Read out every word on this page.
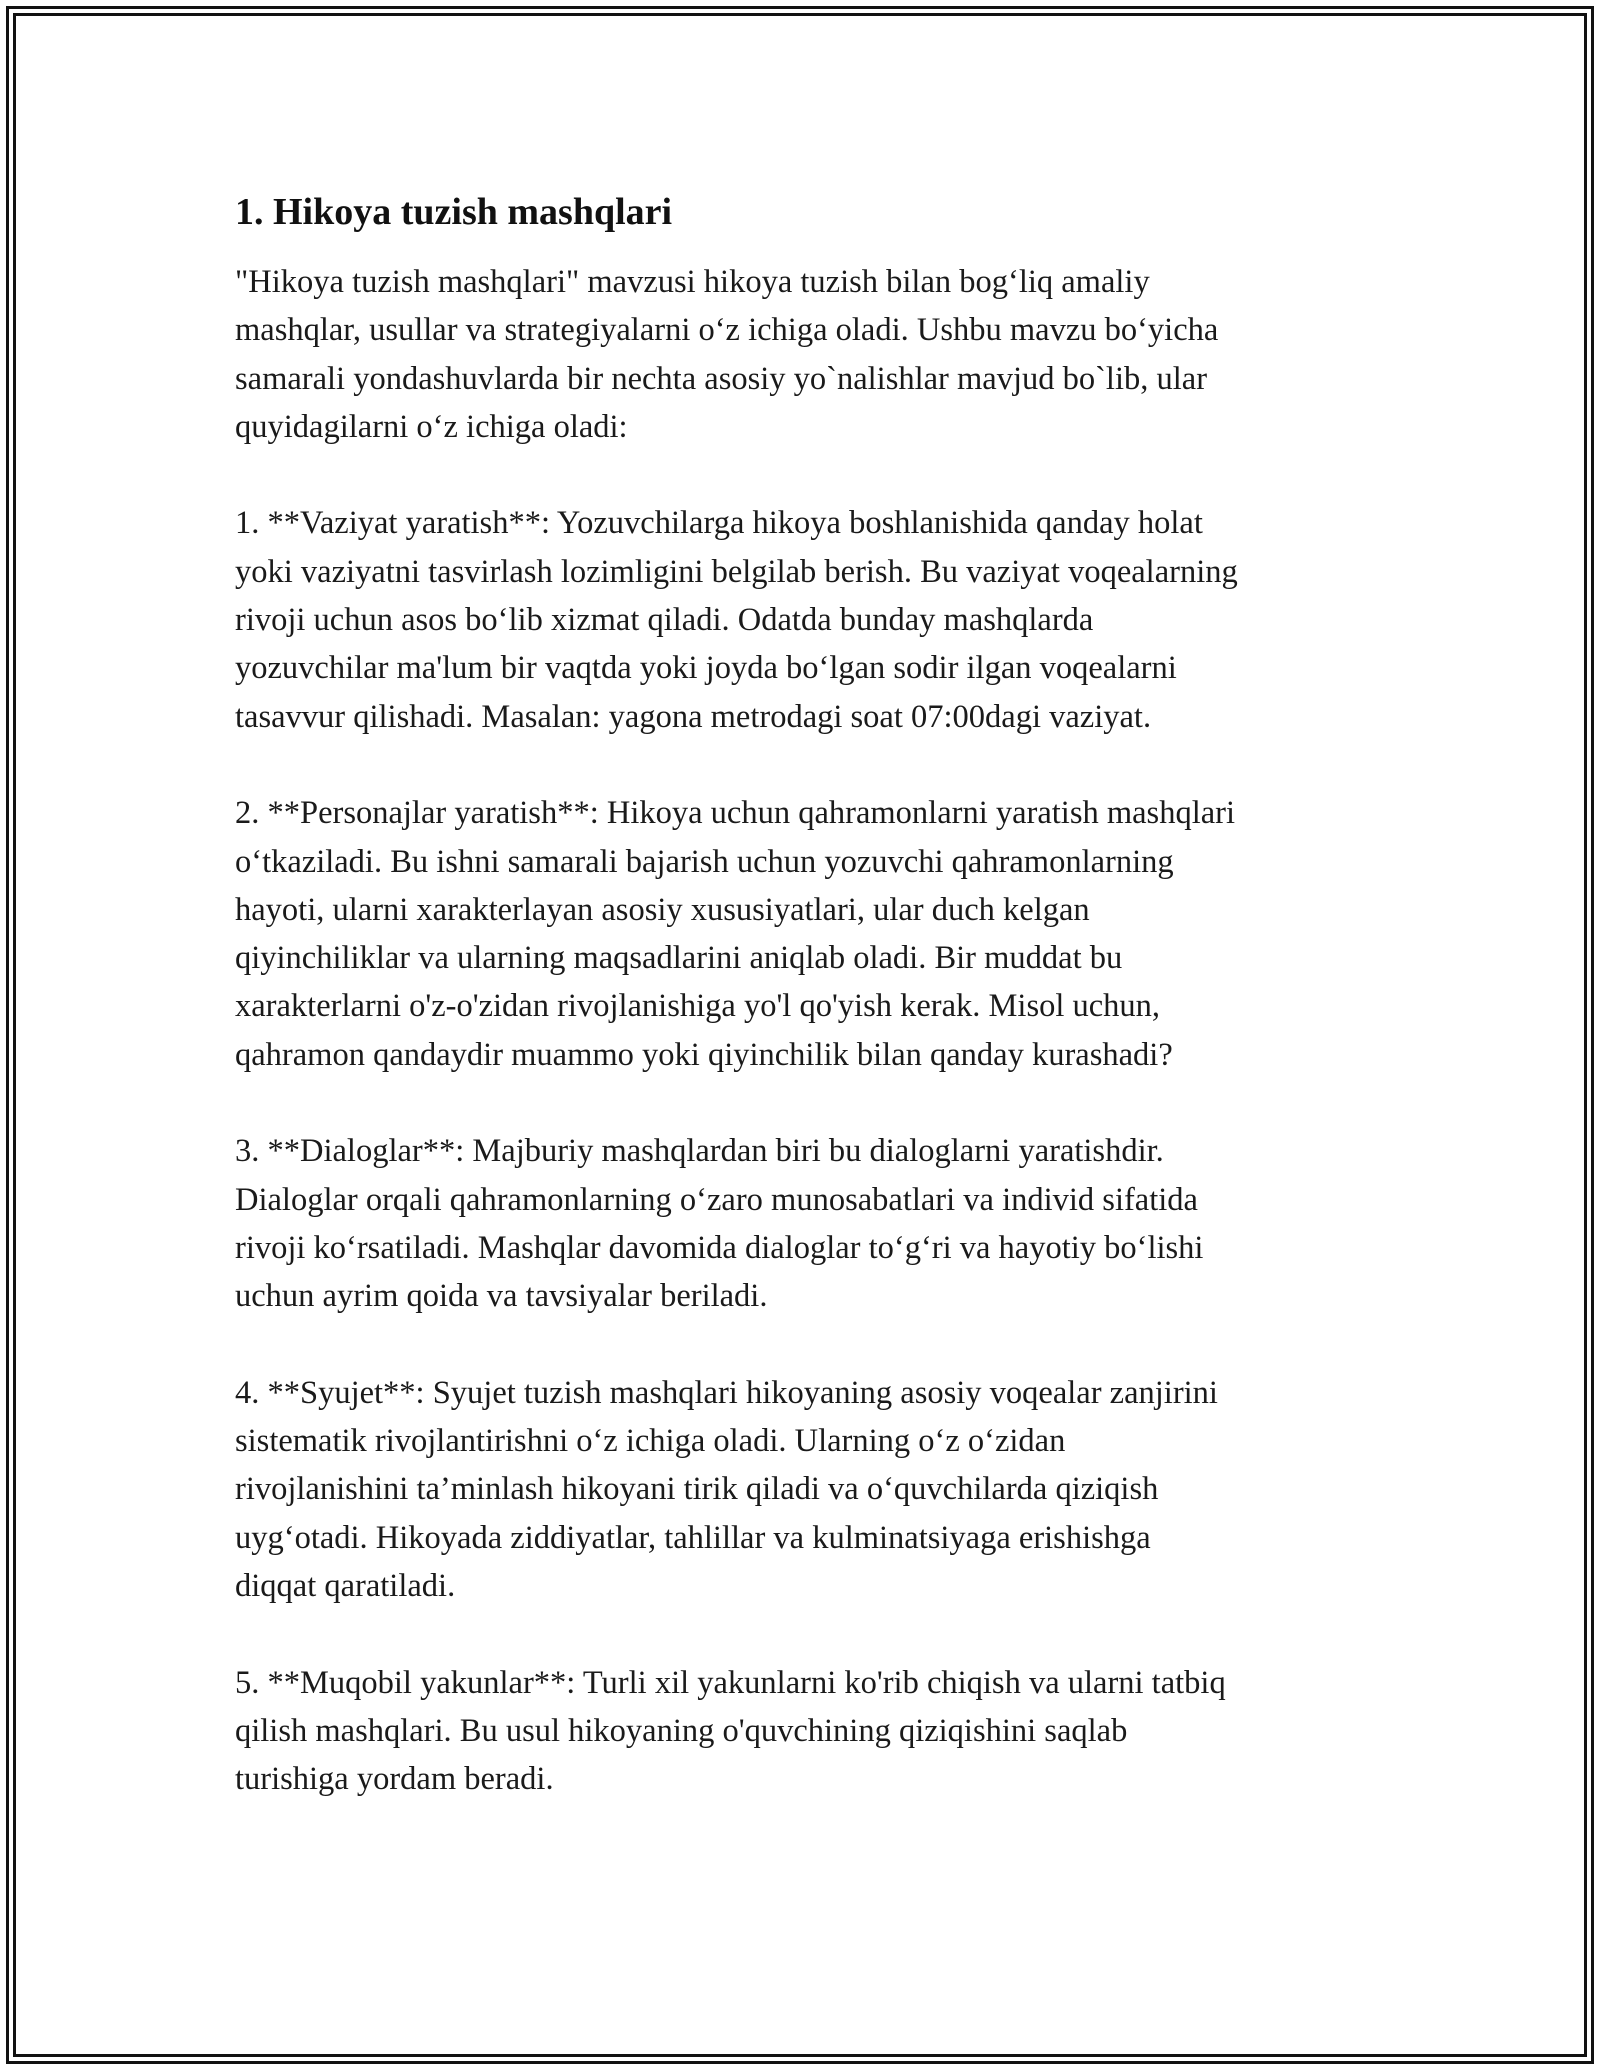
1. Hikoya tuzish mashqlari
"Hikoya tuzish mashqlari" mavzusi hikoya tuzish bilan bog‘liq amaliy
mashqlar, usullar va strategiyalarni o‘z ichiga oladi. Ushbu mavzu bo‘yicha
samarali yondashuvlarda bir nechta asosiy yo`nalishlar mavjud bo`lib, ular
quyidagilarni o‘z ichiga oladi:
1. **Vaziyat yaratish**: Yozuvchilarga hikoya boshlanishida qanday holat
yoki vaziyatni tasvirlash lozimligini belgilab berish. Bu vaziyat voqealarning
rivoji uchun asos bo‘lib xizmat qiladi. Odatda bunday mashqlarda
yozuvchilar ma'lum bir vaqtda yoki joyda bo‘lgan sodir ilgan voqealarni
tasavvur qilishadi. Masalan: yagona metrodagi soat 07:00dagi vaziyat.
2. **Personajlar yaratish**: Hikoya uchun qahramonlarni yaratish mashqlari
o‘tkaziladi. Bu ishni samarali bajarish uchun yozuvchi qahramonlarning
hayoti, ularni xarakterlayan asosiy xususiyatlari, ular duch kelgan
qiyinchiliklar va ularning maqsadlarini aniqlab oladi. Bir muddat bu
xarakterlarni o'z-o'zidan rivojlanishiga yo'l qo'yish kerak. Misol uchun,
qahramon qandaydir muammo yoki qiyinchilik bilan qanday kurashadi?
3. **Dialoglar**: Majburiy mashqlardan biri bu dialoglarni yaratishdir.
Dialoglar orqali qahramonlarning o‘zaro munosabatlari va individ sifatida
rivoji ko‘rsatiladi. Mashqlar davomida dialoglar to‘g‘ri va hayotiy bo‘lishi
uchun ayrim qoida va tavsiyalar beriladi.
4. **Syujet**: Syujet tuzish mashqlari hikoyaning asosiy voqealar zanjirini
sistematik rivojlantirishni o‘z ichiga oladi. Ularning o‘z o‘zidan
rivojlanishini ta’minlash hikoyani tirik qiladi va o‘quvchilarda qiziqish
uyg‘otadi. Hikoyada ziddiyatlar, tahlillar va kulminatsiyaga erishishga
diqqat qaratiladi.
5. **Muqobil yakunlar**: Turli xil yakunlarni ko'rib chiqish va ularni tatbiq
qilish mashqlari. Bu usul hikoyaning o'quvchining qiziqishini saqlab
turishiga yordam beradi.
